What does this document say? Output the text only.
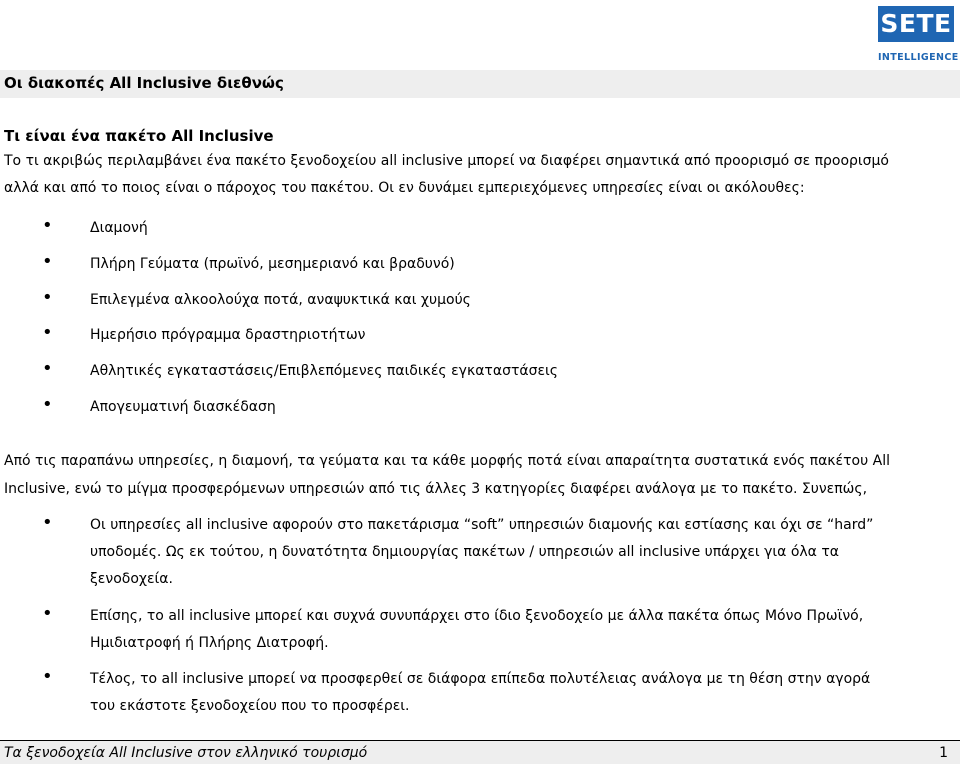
SETE
INTELLIGENCE
Οι διακοπές All Inclusive διεθνώς
Τι είναι ένα πακέτο All Inclusive
Το τι ακριβώς περιλαμβάνει ένα πακέτο ξενοδοχείου all inclusive μπορεί να διαφέρει σημαντικά από προορισμό σε προορισμό
αλλά και από το ποιος είναι ο πάροχος του πακέτου. Οι εν δυνάμει εμπεριεχόμενες υπηρεσίες είναι οι ακόλουθες:
•	Διαμονή
•	Πλήρη Γεύματα (πρωϊνό, μεσημεριανό και βραδυνό)
•	Επιλεγμένα αλκοολούχα ποτά, αναψυκτικά και χυμούς
•	Ημερήσιο πρόγραμμα δραστηριοτήτων
•	Αθλητικές εγκαταστάσεις/Επιβλεπόμενες παιδικές εγκαταστάσεις
•	Απογευματινή διασκέδαση
Από τις παραπάνω υπηρεσίες, η διαμονή, τα γεύματα και τα κάθε μορφής ποτά είναι απαραίτητα συστατικά ενός πακέτου All
Inclusive, ενώ το μίγμα προσφερόμενων υπηρεσιών από τις άλλες 3 κατηγορίες διαφέρει ανάλογα με το πακέτο. Συνεπώς,
•	Οι υπηρεσίες all inclusive αφορούν στο πακετάρισμα “soft” υπηρεσιών διαμονής και εστίασης και όχι σε “hard”
υποδομές. Ως εκ τούτου, η δυνατότητα δημιουργίας πακέτων / υπηρεσιών all inclusive υπάρχει για όλα τα
ξενοδοχεία.
•	Επίσης, το all inclusive μπορεί και συχνά συνυπάρχει στο ίδιο ξενοδοχείο με άλλα πακέτα όπως Μόνο Πρωϊνό,
Ημιδιατροφή ή Πλήρης Διατροφή.
•	Τέλος, το all inclusive μπορεί να προσφερθεί σε διάφορα επίπεδα πολυτέλειας ανάλογα με τη θέση στην αγορά
του εκάστοτε ξενοδοχείου που το προσφέρει.
Τα ξενοδοχεία All Inclusive στον ελληνικό τουρισμό	1
